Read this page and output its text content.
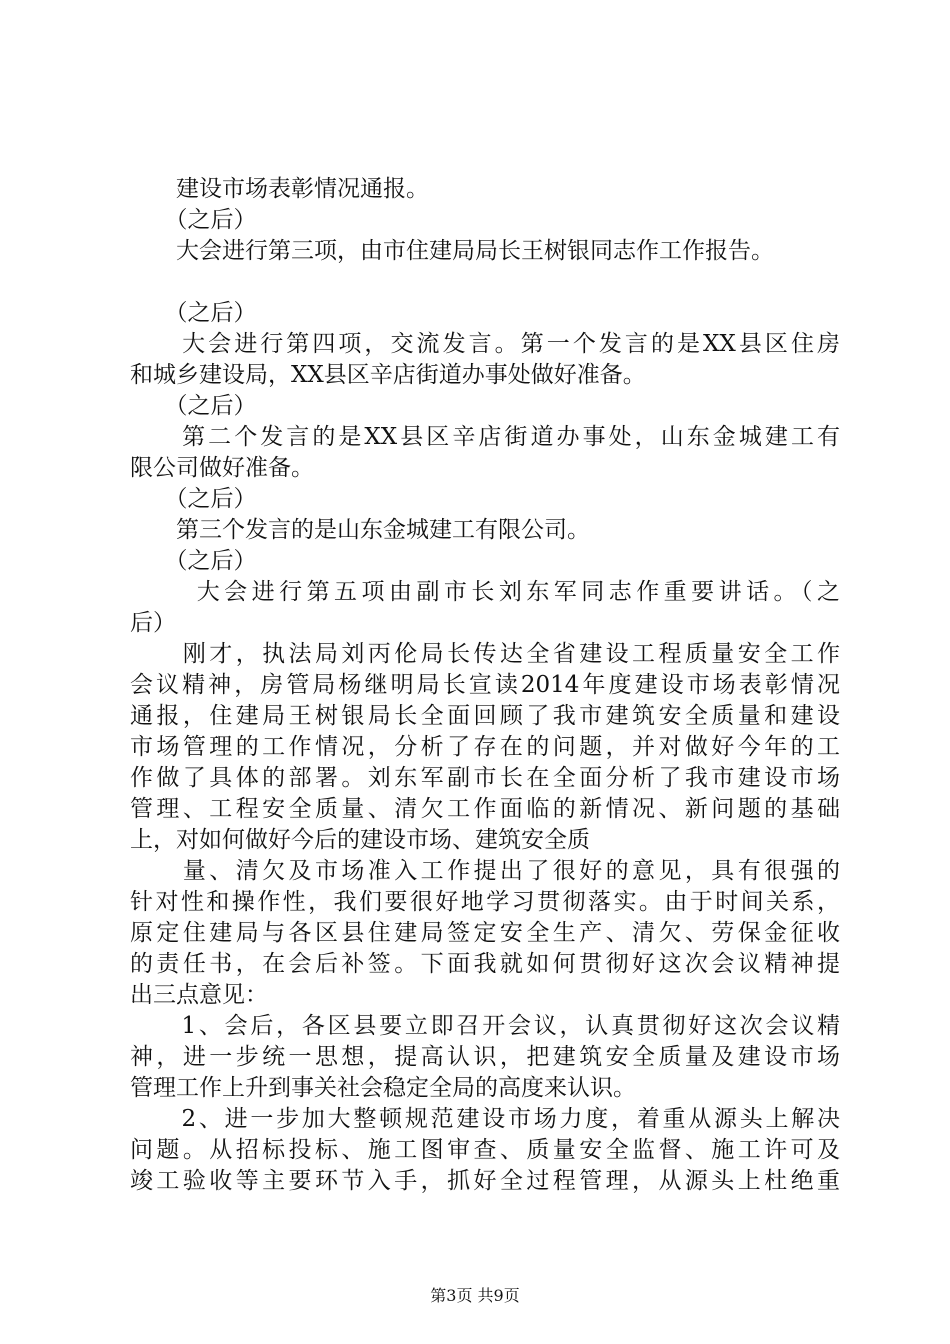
　　建设市场表彰情况通报。
　　（之后）
　　大会进行第三项，由市住建局局长王树银同志作工作报告。
　　（之后）
　　大会进行第四项，交流发言。第一个发言的是XX县区住房
和城乡建设局，XX县区辛店街道办事处做好准备。
　　（之后）
　　第二个发言的是XX县区辛店街道办事处，山东金城建工有
限公司做好准备。
　　（之后）
　　第三个发言的是山东金城建工有限公司。
　　（之后）
　　 大会进行第五项由副市长刘东军同志作重要讲话。（之
后）
　　刚才，执法局刘丙伦局长传达全省建设工程质量安全工作
会议精神，房管局杨继明局长宣读2014年度建设市场表彰情况
通报，住建局王树银局长全面回顾了我市建筑安全质量和建设
市场管理的工作情况，分析了存在的问题，并对做好今年的工
作做了具体的部署。刘东军副市长在全面分析了我市建设市场
管理、工程安全质量、清欠工作面临的新情况、新问题的基础
上，对如何做好今后的建设市场、建筑安全质
　　量、清欠及市场准入工作提出了很好的意见，具有很强的
针对性和操作性，我们要很好地学习贯彻落实。由于时间关系，
原定住建局与各区县住建局签定安全生产、清欠、劳保金征收
的责任书，在会后补签。下面我就如何贯彻好这次会议精神提
出三点意见：
　　1、会后，各区县要立即召开会议，认真贯彻好这次会议精
神，进一步统一思想，提高认识，把建筑安全质量及建设市场
管理工作上升到事关社会稳定全局的高度来认识。
　　2、进一步加大整顿规范建设市场力度，着重从源头上解决
问题。从招标投标、施工图审查、质量安全监督、施工许可及
竣工验收等主要环节入手，抓好全过程管理，从源头上杜绝重
第3页 共9页
